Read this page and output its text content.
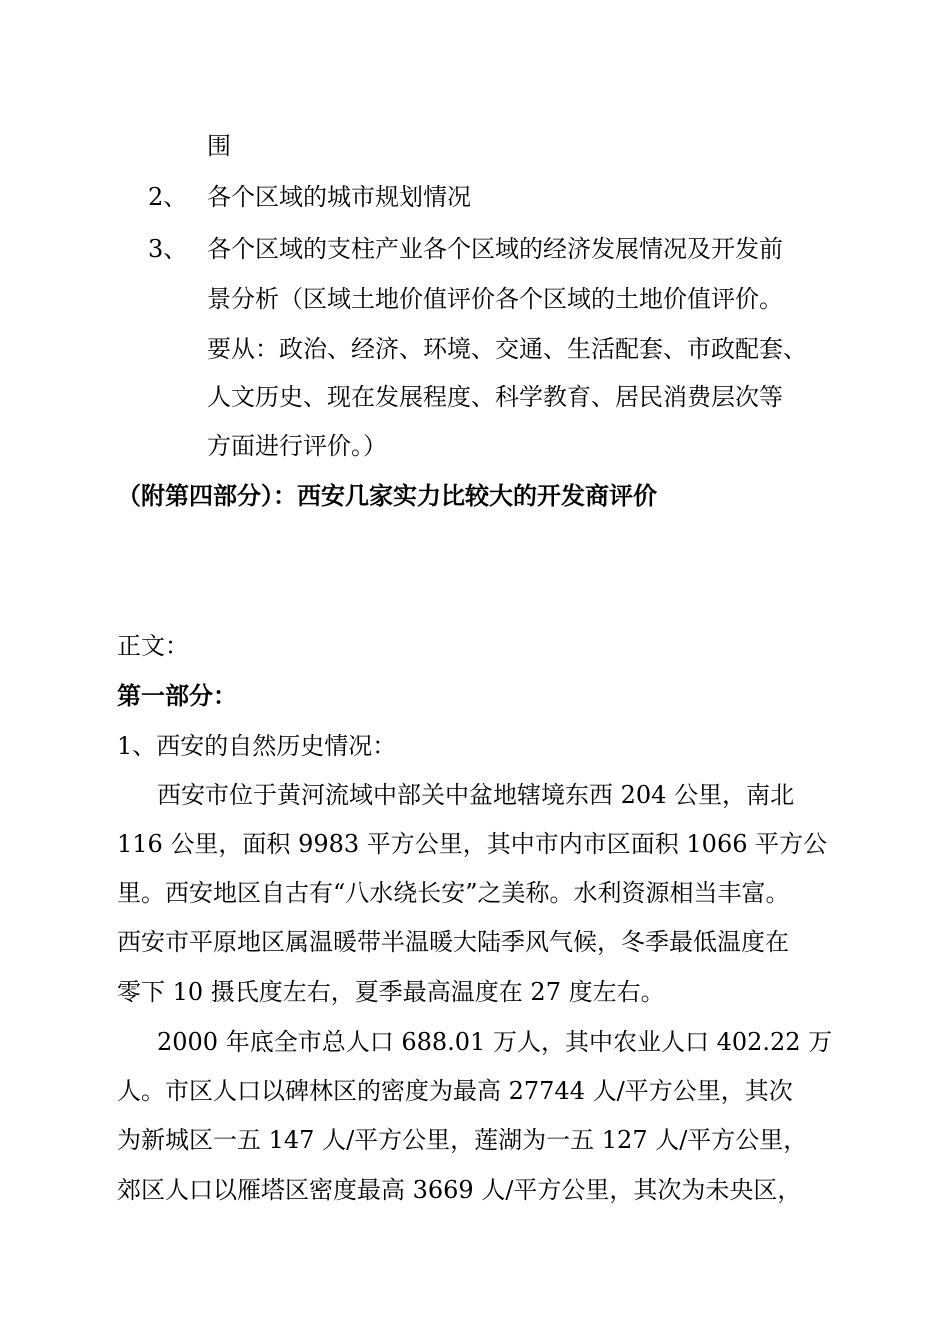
围

2、 各个区域的城市规划情况

3、 各个区域的支柱产业各个区域的经济发展情况及开发前

景分析（区域土地价值评价各个区域的土地价值评价。

要从：政治、经济、环境、交通、生活配套、市政配套、

人文历史、现在发展程度、科学教育、居民消费层次等

方面进行评价。）

（附第四部分）：西安几家实力比较大的开发商评价

正文：

第一部分：

1、西安的自然历史情况：

西安市位于黄河流域中部关中盆地辖境东西 204 公里，南北

116 公里，面积 9983 平方公里，其中市内市区面积 1066 平方公

里。西安地区自古有“八水绕长安”之美称。水利资源相当丰富。

西安市平原地区属温暖带半温暖大陆季风气候，冬季最低温度在

零下 10 摄氏度左右，夏季最高温度在 27 度左右。

2000 年底全市总人口 688.01 万人，其中农业人口 402.22 万

人。市区人口以碑林区的密度为最高 27744 人/平方公里，其次

为新城区一五 147 人/平方公里，莲湖为一五 127 人/平方公里，

郊区人口以雁塔区密度最高 3669 人/平方公里，其次为未央区，
